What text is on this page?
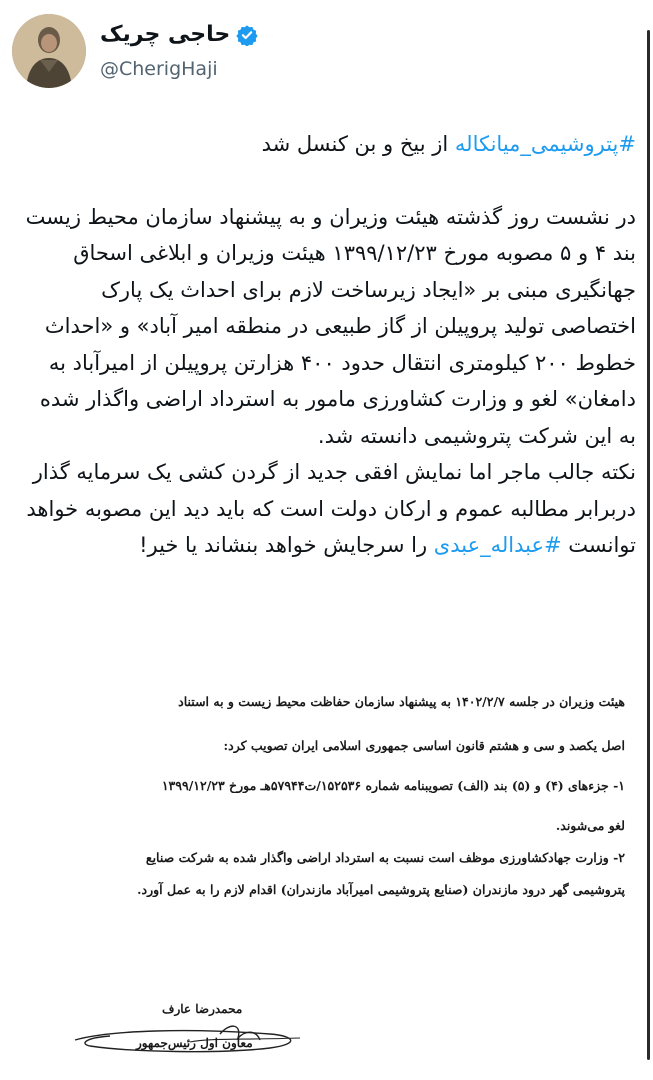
حاجی چریک
@CherigHaji

#پتروشیمی_میانکاله از بیخ و بن کنسل شد

در نشست روز گذشته هیئت وزیران و به پیشنهاد سازمان محیط زیست بند ۴ و ۵ مصوبه مورخ ۱۳۹۹/۱۲/۲۳ هیئت وزیران و ابلاغی اسحاق جهانگیری مبنی بر «ایجاد زیرساخت لازم برای احداث یک پارک اختصاصی تولید پروپیلن از گاز طبیعی در منطقه امیر آباد» و «احداث خطوط ۲۰۰ کیلومتری انتقال حدود ۴۰۰ هزارتن پروپیلن از امیرآباد به دامغان» لغو و وزارت کشاورزی مامور به استرداد اراضی واگذار شده به این شرکت پتروشیمی دانسته شد.

نکته جالب ماجر اما نمایش افقی جدید از گردن کشی یک سرمایه گذار دربرابر مطالبه عموم و ارکان دولت است که باید دید این مصوبه خواهد توانست #عبداله_عبدی را سرجایش خواهد بنشاند یا خیر!

هیئت وزیران در جلسه ۱۴۰۲/۲/۷ به پیشنهاد سازمان حفاظت محیط زیست و به استناد
اصل یکصد و سی و هشتم قانون اساسی جمهوری اسلامی ایران تصویب کرد:
۱- جزءهای (۴) و (۵) بند (الف) تصویبنامه شماره ۱۵۲۵۳۶/ت۵۷۹۴۴هـ مورخ ۱۳۹۹/۱۲/۲۳
لغو می‌شوند.
۲- وزارت جهادکشاورزی موظف است نسبت به استرداد اراضی واگذار شده به شرکت صنایع
پتروشیمی گهر درود مازندران (صنایع پتروشیمی امیرآباد مازندران) اقدام لازم را به عمل آورد.
محمدرضا عارف
معاون اول رئیس‌جمهور
